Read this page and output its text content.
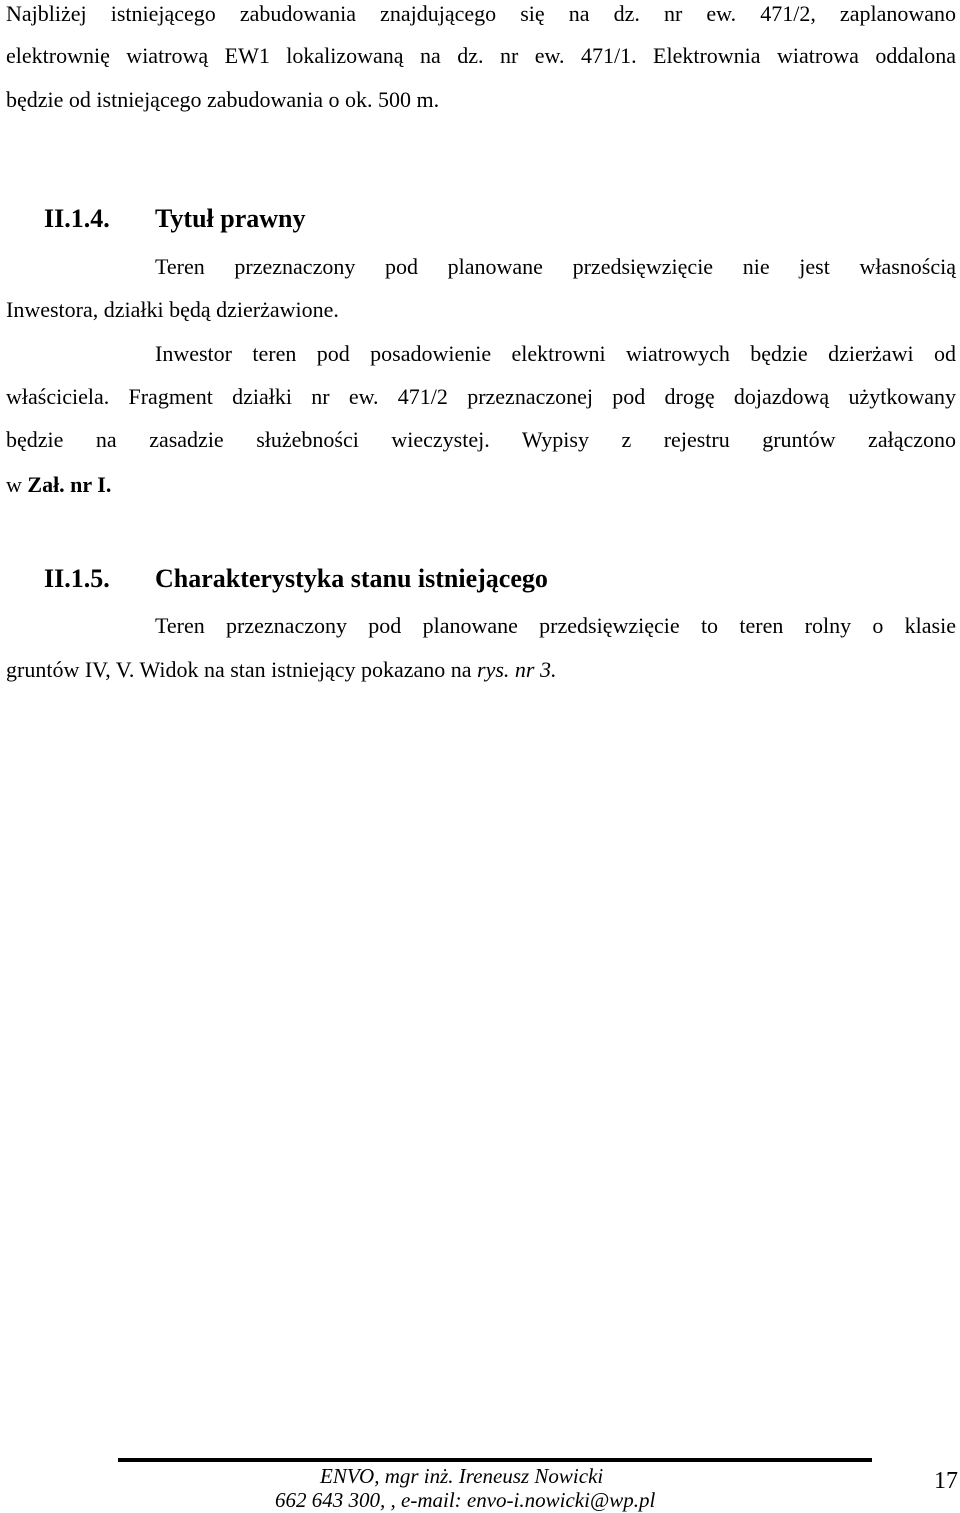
Najbliżej istniejącego zabudowania znajdującego się na dz. nr ew. 471/2, zaplanowano
elektrownię wiatrową EW1 lokalizowaną na dz. nr ew. 471/1. Elektrownia wiatrowa oddalona
będzie od istniejącego zabudowania o ok. 500 m.
II.1.4. Tytuł prawny
Teren przeznaczony pod planowane przedsięwzięcie nie jest własnością
Inwestora, działki będą dzierżawione.
Inwestor teren pod posadowienie elektrowni wiatrowych będzie dzierżawi od
właściciela. Fragment działki nr ew. 471/2 przeznaczonej pod drogę dojazdową użytkowany
będzie na zasadzie służebności wieczystej. Wypisy z rejestru gruntów załączono
w Zał. nr I.
II.1.5. Charakterystyka stanu istniejącego
Teren przeznaczony pod planowane przedsięwzięcie to teren rolny o klasie
gruntów IV, V. Widok na stan istniejący pokazano na rys. nr 3.
ENVO, mgr inż. Ireneusz Nowicki
662 643 300, , e-mail: envo-i.nowicki@wp.pl
17
